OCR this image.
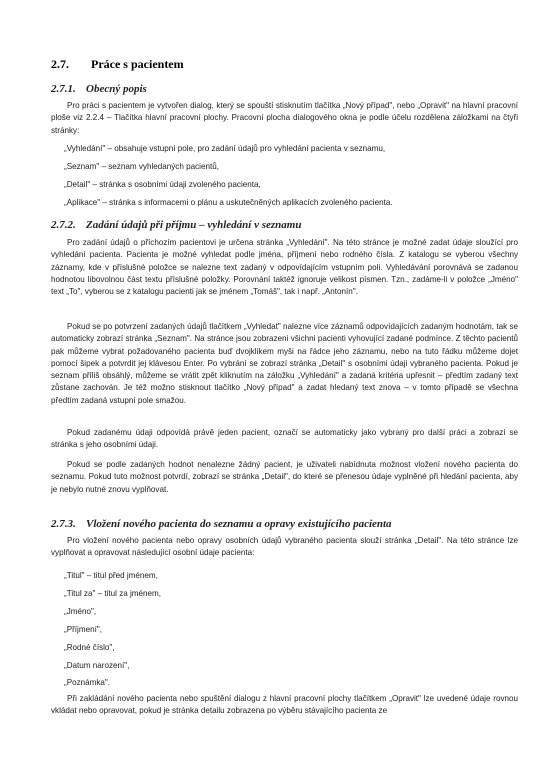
2.7. Práce s pacientem
2.7.1. Obecný popis

Pro práci s pacientem je vytvořen dialog, který se spouští stisknutím tlačítka „Nový případ", nebo „Opravit" na hlavní pracovní ploše viz 2.2.4 – Tlačítka hlavní pracovní plochy. Pracovní plocha dialogového okna je podle účelu rozdělena záložkami na čtyři stránky:

„Vyhledání" – obsahuje vstupní pole, pro zadání údajů pro vyhledání pacienta v seznamu,
„Seznam" – seznam vyhledaných pacientů,
„Detail" – stránka s osobními údaji zvoleného pacienta,
„Aplikace" – stránka s informacemi o plánu a uskutečněných aplikacích zvoleného pacienta.
2.7.2. Zadání údajů při příjmu – vyhledání v seznamu

Pro zadání údajů o příchozím pacientovi je určena stránka „Vyhledání". Na této stránce je možné zadat údaje sloužící pro vyhledání pacienta. Pacienta je možné vyhledat podle jména, příjmení nebo rodného čísla. Z katalogu se vyberou všechny záznamy, kde v příslušné položce se nalezne text zadaný v odpovídajícím vstupním poli. Vyhledávání porovnává se zadanou hodnotou libovolnou část textu příslušné položky. Porovnání taktéž ignoruje velikost písmen. Tzn., zadáme-li v položce „Jméno" text „To", vyberou se z katalogu pacienti jak se jménem „Tomáš", tak i např. „Antonín".

Pokud se po potvrzení zadaných údajů tlačítkem „Vyhledat" nalezne více záznamů odpovídajících zadaným hodnotám, tak se automaticky zobrazí stránka „Seznam". Na stránce jsou zobrazeni všichni pacienti vyhovující zadané podmínce. Z těchto pacientů pak můžeme vybrat požadovaného pacienta buď dvojklikem myši na řádce jeho záznamu, nebo na tuto řádku můžeme dojet pomocí šipek a potvrdit jej klávesou Enter. Po vybrání se zobrazí stránka „Detail" s osobními údaji vybraného pacienta. Pokud je seznam příliš obsáhlý, můžeme se vrátit zpět kliknutím na záložku „Vyhledání" a zadaná kritéria upřesnit – předtím zadaný text zůstane zachován. Je též možno stisknout tlačítko „Nový případ" a zadat hledaný text znova – v tomto případě se všechna předtím zadaná vstupní pole smažou.

Pokud zadanému údaji odpovídá právě jeden pacient, označí se automaticky jako vybraný pro další práci a zobrazí se stránka s jeho osobními údaji.

Pokud se podle zadaných hodnot nenalezne žádný pacient, je uživateli nabídnuta možnost vložení nového pacienta do seznamu. Pokud tuto možnost potvrdí, zobrazí se stránka „Detail", do které se přenesou údaje vyplněné při hledání pacienta, aby je nebylo nutné znovu vyplňovat.

2.7.3. Vložení nového pacienta do seznamu a opravy existujícího pacienta

Pro vložení nového pacienta nebo opravy osobních údajů vybraného pacienta slouží stránka „Detail". Na této stránce lze vyplňovat a opravovat následující osobní údaje pacienta:

„Titul" – titul před jménem,
„Titul za" – titul za jménem,
„Jméno",
„Příjmení",
„Rodné číslo",
„Datum narození",
„Poznámka".

Při zakládání nového pacienta nebo spuštění dialogu z hlavní pracovní plochy tlačítkem „Opravit" lze uvedené údaje rovnou vkládat nebo opravovat, pokud je stránka detailu zobrazena po výběru stávajícího pacienta ze
